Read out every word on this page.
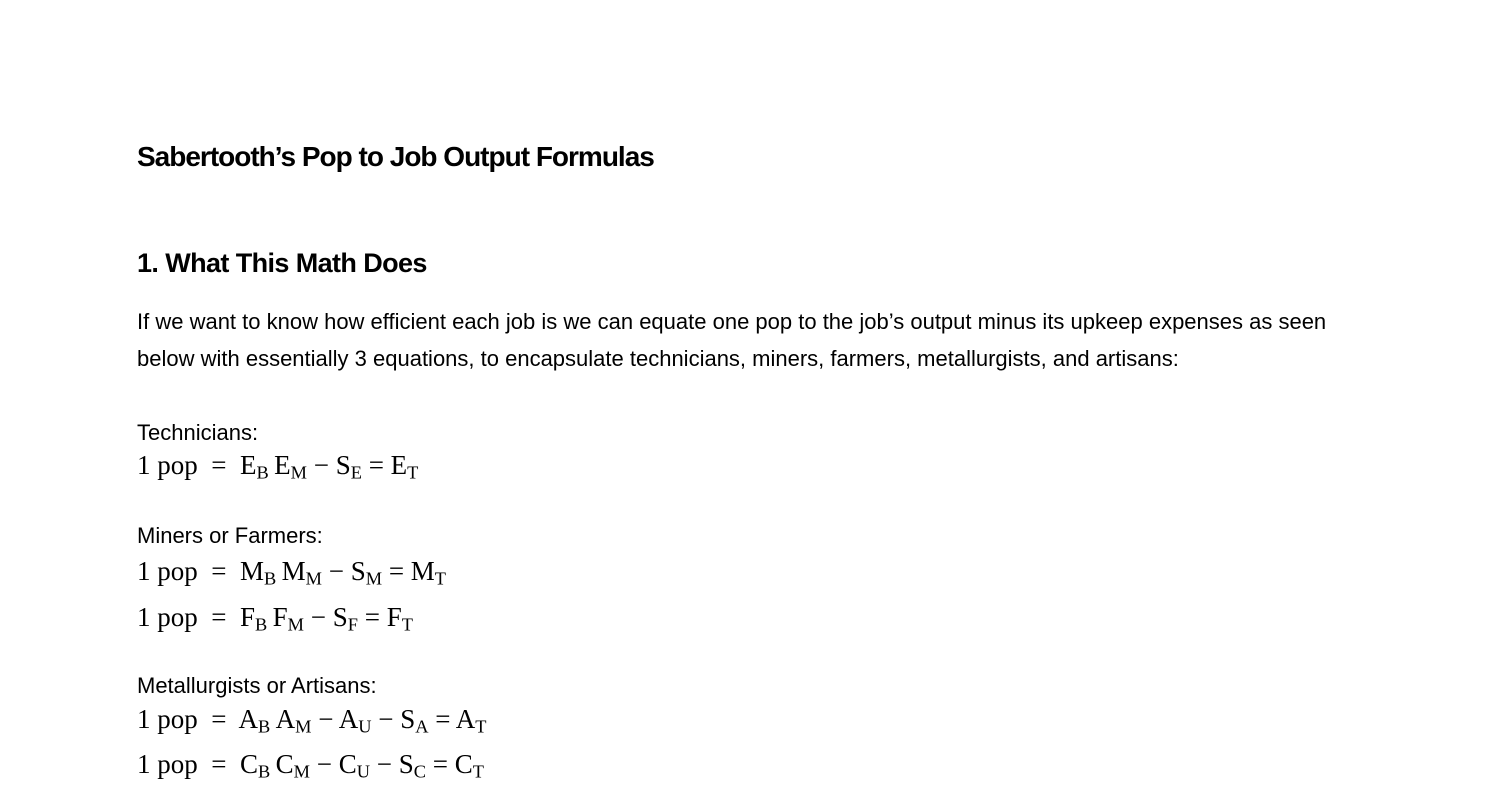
Sabertooth’s Pop to Job Output Formulas
1. What This Math Does

If we want to know how efficient each job is we can equate one pop to the job’s output minus its upkeep expenses as seen below with essentially 3 equations, to encapsulate technicians, miners, farmers, metallurgists, and artisans:

Technicians:
1 pop  =  $E_B$ $E_M - S_E = E_T$
Miners or Farmers:
1 pop  =  $M_B$ $M_M - S_M = M_T$
1 pop  =  $F_B$ $F_M - S_F = F_T$
Metallurgists or Artisans:
1 pop  =  $A_B$ $A_M - A_U - S_A = A_T$
1 pop  =  $C_B$ $C_M - C_U - S_C = C_T$
